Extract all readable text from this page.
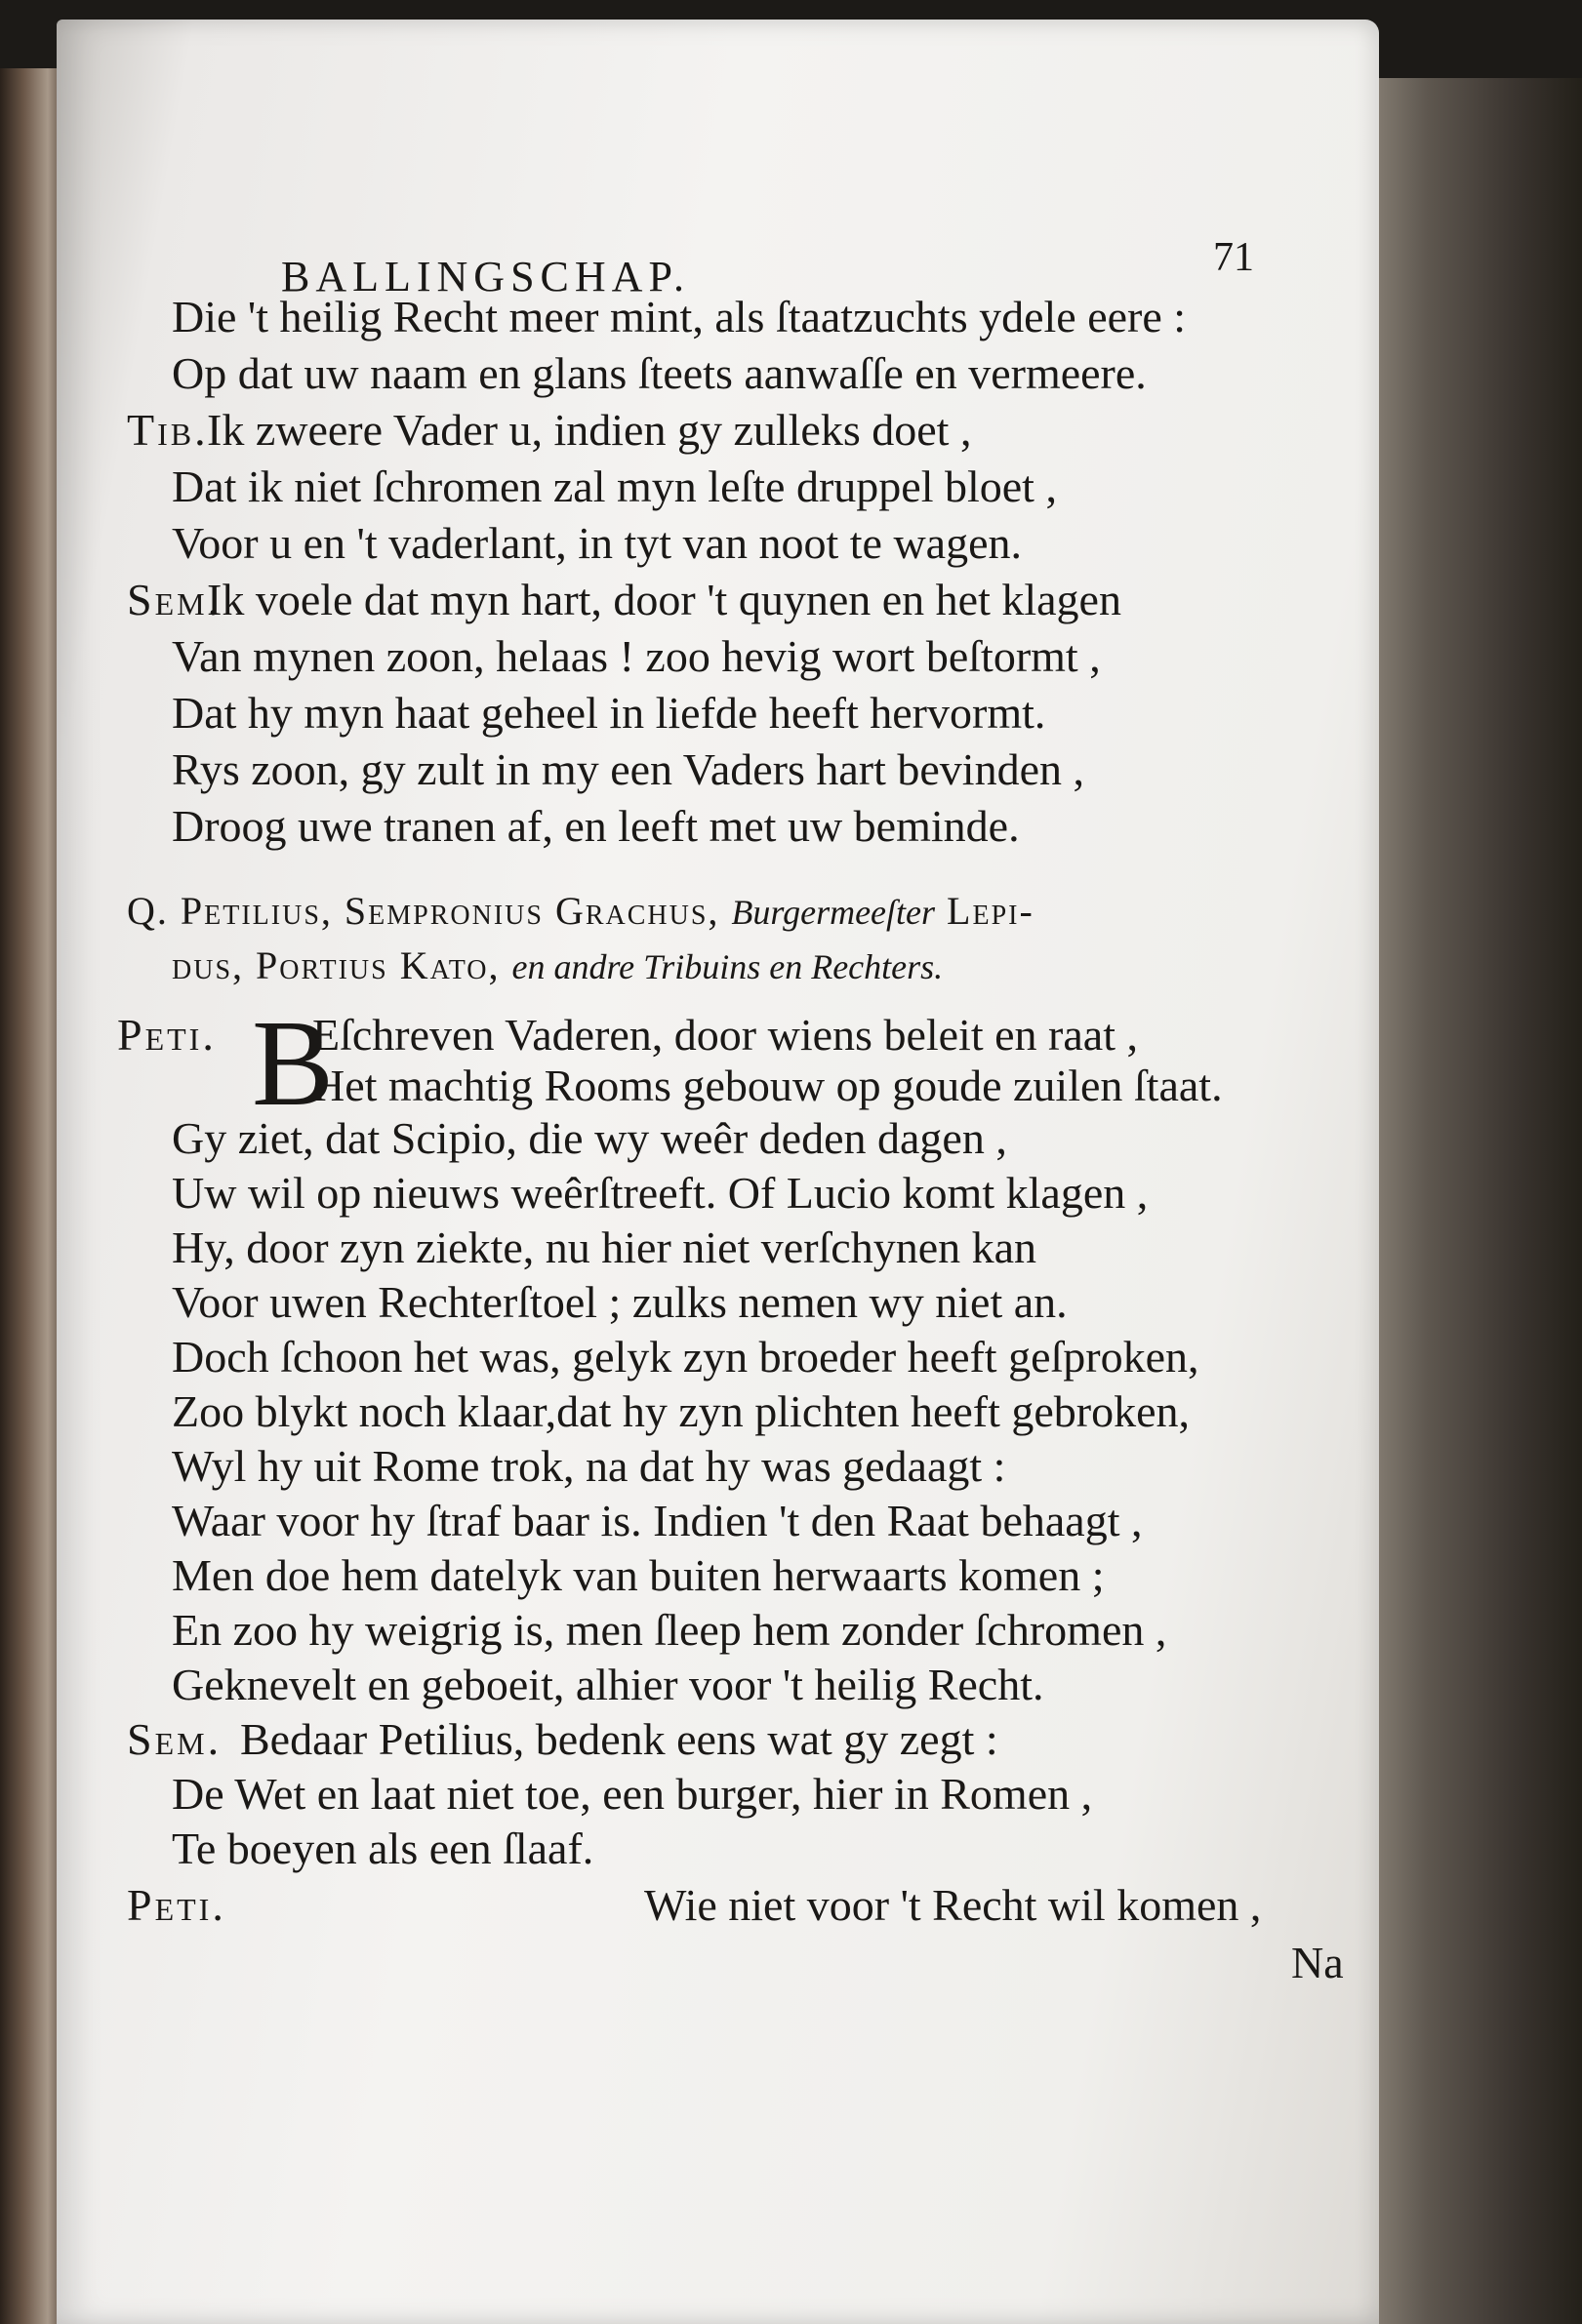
BALLINGSCHAP.	71
Die 't heilig Recht meer mint, als ſtaatzuchts ydele eere :
Op dat uw naam en glans ſteets aanwaſſe en vermeere.
Tib.Ik zweere Vader u, indien gy zulleks doet ,
Dat ik niet ſchromen zal myn leſte druppel bloet ,
Voor u en 't vaderlant, in tyt van noot te wagen.
Sem.Ik voele dat myn hart, door 't quynen en het klagen
Van mynen zoon, helaas ! zoo hevig wort beſtormt ,
Dat hy myn haat geheel in liefde heeft hervormt.
Rys zoon, gy zult in my een Vaders hart bevinden ,
Droog uwe tranen af, en leeft met uw beminde.
Q. Petilius, Sempronius Grachus, Burgermeeſter Lepi-
dus, Portius Kato, en andre Tribuins en Rechters.
Peti. B
Eſchreven Vaderen, door wiens beleit en raat ,
Het machtig Rooms gebouw op goude zuilen ſtaat.
Gy ziet, dat Scipio, die wy weêr deden dagen ,
Uw wil op nieuws weêrſtreeft. Of Lucio komt klagen ,
Hy, door zyn ziekte, nu hier niet verſchynen kan
Voor uwen Rechterſtoel ; zulks nemen wy niet an.
Doch ſchoon het was, gelyk zyn broeder heeft geſproken,
Zoo blykt noch klaar,dat hy zyn plichten heeft gebroken,
Wyl hy uit Rome trok, na dat hy was gedaagt :
Waar voor hy ſtraf baar is. Indien 't den Raat behaagt ,
Men doe hem datelyk van buiten herwaarts komen ;
En zoo hy weigrig is, men ſleep hem zonder ſchromen ,
Geknevelt en geboeit, alhier voor 't heilig Recht.
Sem. Bedaar Petilius, bedenk eens wat gy zegt :
De Wet en laat niet toe, een burger, hier in Romen ,
Te boeyen als een ſlaaf.
Peti.	Wie niet voor 't Recht wil komen ,
Na
